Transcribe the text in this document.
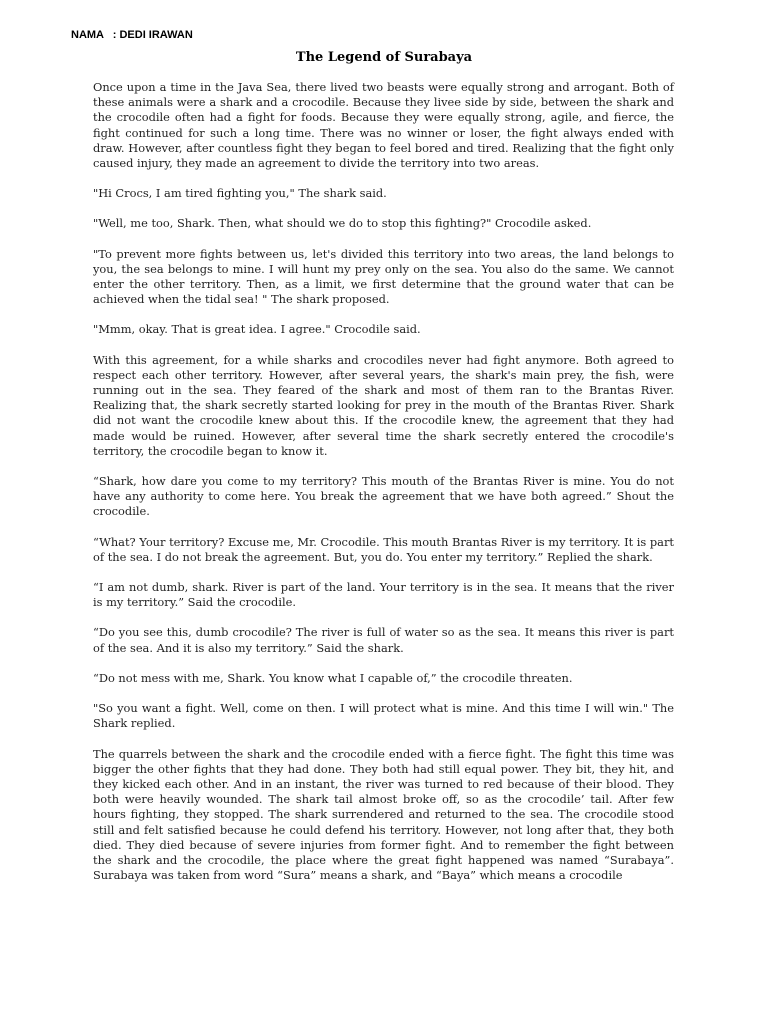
NAMA   : DEDI IRAWAN
The Legend of Surabaya

Once upon a time in the Java Sea, there lived two beasts were equally strong and arrogant. Both of these animals were a shark and a crocodile. Because they livee side by side, between the shark and the crocodile often had a fight for foods. Because they were equally strong, agile, and fierce, the fight continued for such a long time. There was no winner or loser, the fight always ended with draw. However, after countless fight they began to feel bored and tired. Realizing that the fight only caused injury, they made an agreement to divide the territory into two areas.

"Hi Crocs, I am tired fighting you," The shark said.

"Well, me too, Shark. Then, what should we do to stop this fighting?" Crocodile asked.

"To prevent more fights between us, let's divided this territory into two areas, the land belongs to you, the sea belongs to mine. I will hunt my prey only on the sea. You also do the same. We cannot enter the other territory. Then, as a limit, we first determine that the ground water that can be achieved when the tidal sea! " The shark proposed.

"Mmm, okay. That is great idea. I agree." Crocodile said.

With this agreement, for a while sharks and crocodiles never had fight anymore. Both agreed to respect each other territory. However, after several years, the shark's main prey, the fish, were running out in the sea. They feared of the shark and most of them ran to the Brantas River. Realizing that, the shark secretly started looking for prey in the mouth of the Brantas River. Shark did not want the crocodile knew about this. If the crocodile knew, the agreement that they had made would be ruined. However, after several time the shark secretly entered the crocodile's territory, the crocodile began to know it.

“Shark, how dare you come to my territory? This mouth of the Brantas River is mine. You do not have any authority to come here. You break the agreement that we have both agreed.” Shout the crocodile.

“What? Your territory? Excuse me, Mr. Crocodile. This mouth Brantas River is my territory. It is part of the sea. I do not break the agreement. But, you do. You enter my territory.” Replied the shark.

“I am not dumb, shark. River is part of the land. Your territory is in the sea. It means that the river is my territory.” Said the crocodile.

“Do you see this, dumb crocodile? The river is full of water so as the sea. It means this river is part of the sea. And it is also my territory.” Said the shark.

“Do not mess with me, Shark. You know what I capable of,” the crocodile threaten.

"So you want a fight. Well, come on then. I will protect what is mine. And this time I will win." The Shark replied.

The quarrels between the shark and the crocodile ended with a fierce fight. The fight this time was bigger the other fights that they had done. They both had still equal power. They bit, they hit, and they kicked each other. And in an instant, the river was turned to red because of their blood. They both were heavily wounded. The shark tail almost broke off, so as the crocodile’ tail. After few hours fighting, they stopped. The shark surrendered and returned to the sea. The crocodile stood still and felt satisfied because he could defend his territory. However, not long after that, they both died. They died because of severe injuries from former fight. And to remember the fight between the shark and the crocodile, the place where the great fight happened was named “Surabaya”. Surabaya was taken from word “Sura” means a shark, and “Baya” which means a crocodile
